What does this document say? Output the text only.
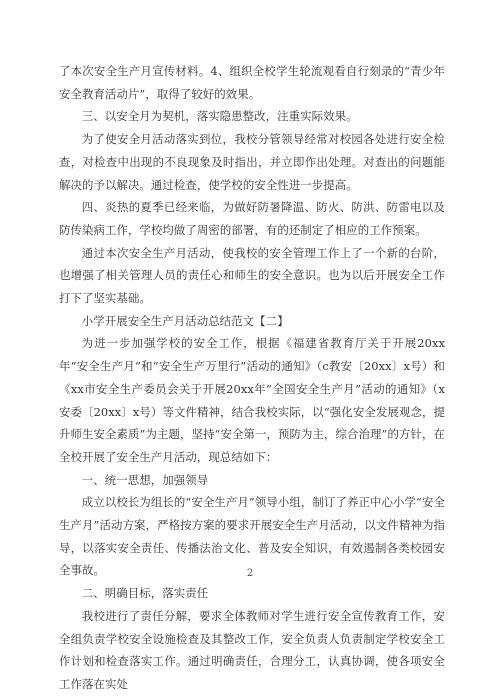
了本次安全生产月宣传材料。4、组织全校学生轮流观看自行刻录的“青少年安全教育活动片”，取得了较好的效果。

三、以安全月为契机，落实隐患整改，注重实际效果。

为了使安全月活动落实到位，我校分管领导经常对校园各处进行安全检查，对检查中出现的不良现象及时指出，并立即作出处理。对查出的问题能解决的予以解决。通过检查，使学校的安全性进一步提高。

四、炎热的夏季已经来临，为做好防暑降温、防火、防洪、防雷电以及防传染病工作，学校均做了周密的部署，有的还制定了相应的工作预案。

通过本次安全生产月活动，使我校的安全管理工作上了一个新的台阶，也增强了相关管理人员的责任心和师生的安全意识。也为以后开展安全工作打下了坚实基础。

小学开展安全生产月活动总结范文【二】

为进一步加强学校的安全工作，根据《福建省教育厅关于开展20xx年“安全生产月”和“安全生产万里行”活动的通知》（c教安〔20xx〕x号）和《xx市安全生产委员会关于开展20xx年“全国安全生产月”活动的通知》（x安委〔20xx〕x号）等文件精神，结合我校实际，以“强化安全发展观念，提升师生安全素质”为主题，坚持“安全第一，预防为主，综合治理”的方针，在全校开展了安全生产月活动，现总结如下：

一、统一思想，加强领导

成立以校长为组长的“安全生产月”领导小组，制订了养正中心小学“安全生产月”活动方案，严格按方案的要求开展安全生产月活动，以文件精神为指导，以落实安全责任、传播法治文化、普及安全知识，有效遏制各类校园安全事故。

二、明确目标，落实责任

我校进行了责任分解，要求全体教师对学生进行安全宣传教育工作，安全组负责学校安全设施检查及其整改工作，安全负责人负责制定学校安全工作计划和检查落实工作。通过明确责任，合理分工，认真协调，使各项安全工作落在实处

2
